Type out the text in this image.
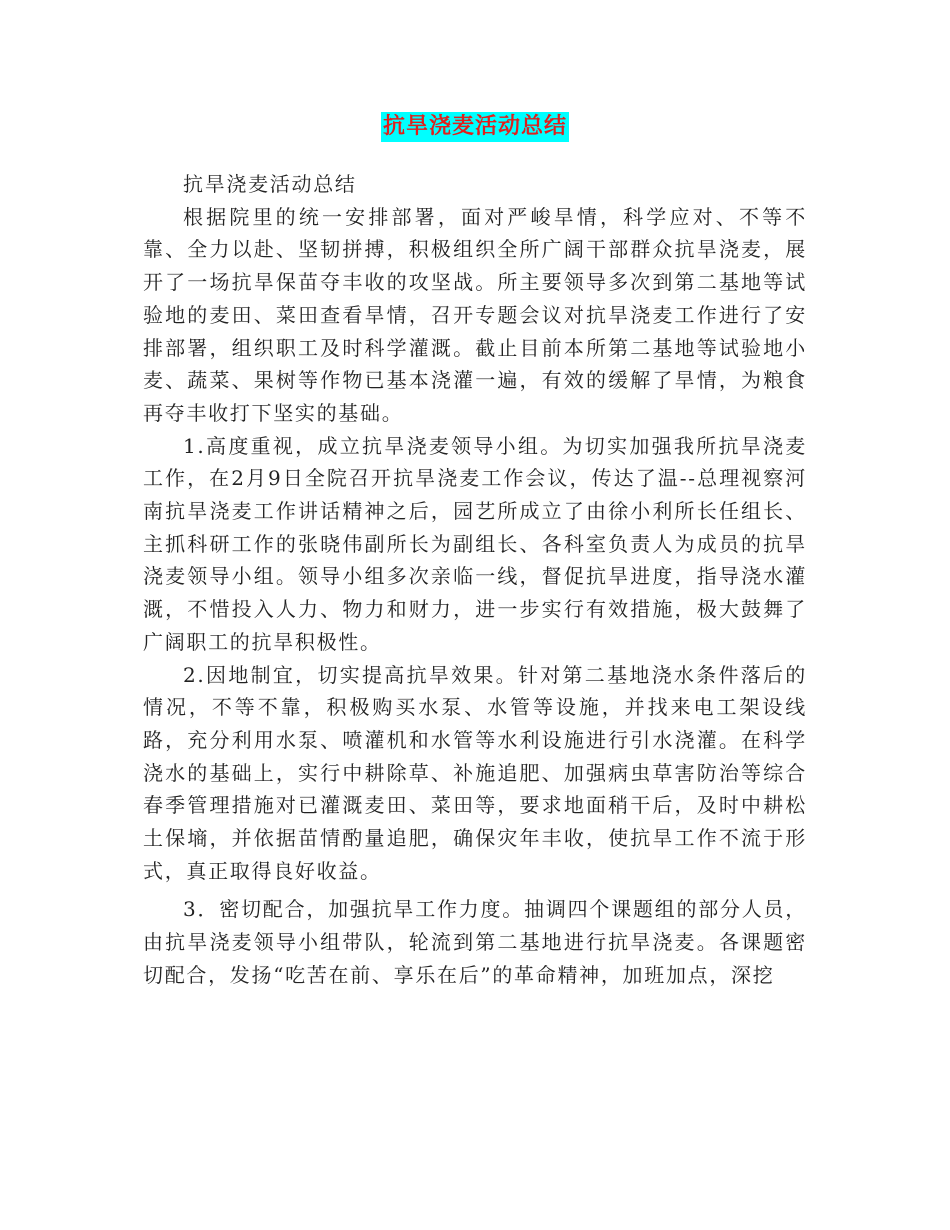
抗旱浇麦活动总结

抗旱浇麦活动总结

根据院里的统一安排部署，面对严峻旱情，科学应对、不等不靠、全力以赴、坚韧拼搏，积极组织全所广阔干部群众抗旱浇麦，展开了一场抗旱保苗夺丰收的攻坚战。所主要领导多次到第二基地等试验地的麦田、菜田查看旱情，召开专题会议对抗旱浇麦工作进行了安排部署，组织职工及时科学灌溉。截止目前本所第二基地等试验地小麦、蔬菜、果树等作物已基本浇灌一遍，有效的缓解了旱情，为粮食再夺丰收打下坚实的基础。

1.高度重视，成立抗旱浇麦领导小组。为切实加强我所抗旱浇麦工作，在2月9日全院召开抗旱浇麦工作会议，传达了温--总理视察河南抗旱浇麦工作讲话精神之后，园艺所成立了由徐小利所长任组长、主抓科研工作的张晓伟副所长为副组长、各科室负责人为成员的抗旱浇麦领导小组。领导小组多次亲临一线，督促抗旱进度，指导浇水灌溉，不惜投入人力、物力和财力，进一步实行有效措施，极大鼓舞了广阔职工的抗旱积极性。

2.因地制宜，切实提高抗旱效果。针对第二基地浇水条件落后的情况，不等不靠，积极购买水泵、水管等设施，并找来电工架设线路，充分利用水泵、喷灌机和水管等水利设施进行引水浇灌。在科学浇水的基础上，实行中耕除草、补施追肥、加强病虫草害防治等综合春季管理措施对已灌溉麦田、菜田等，要求地面稍干后，及时中耕松土保墒，并依据苗情酌量追肥，确保灾年丰收，使抗旱工作不流于形式，真正取得良好收益。

3．密切配合，加强抗旱工作力度。抽调四个课题组的部分人员，由抗旱浇麦领导小组带队，轮流到第二基地进行抗旱浇麦。各课题密切配合，发扬“吃苦在前、享乐在后”的革命精神，加班加点，深挖
